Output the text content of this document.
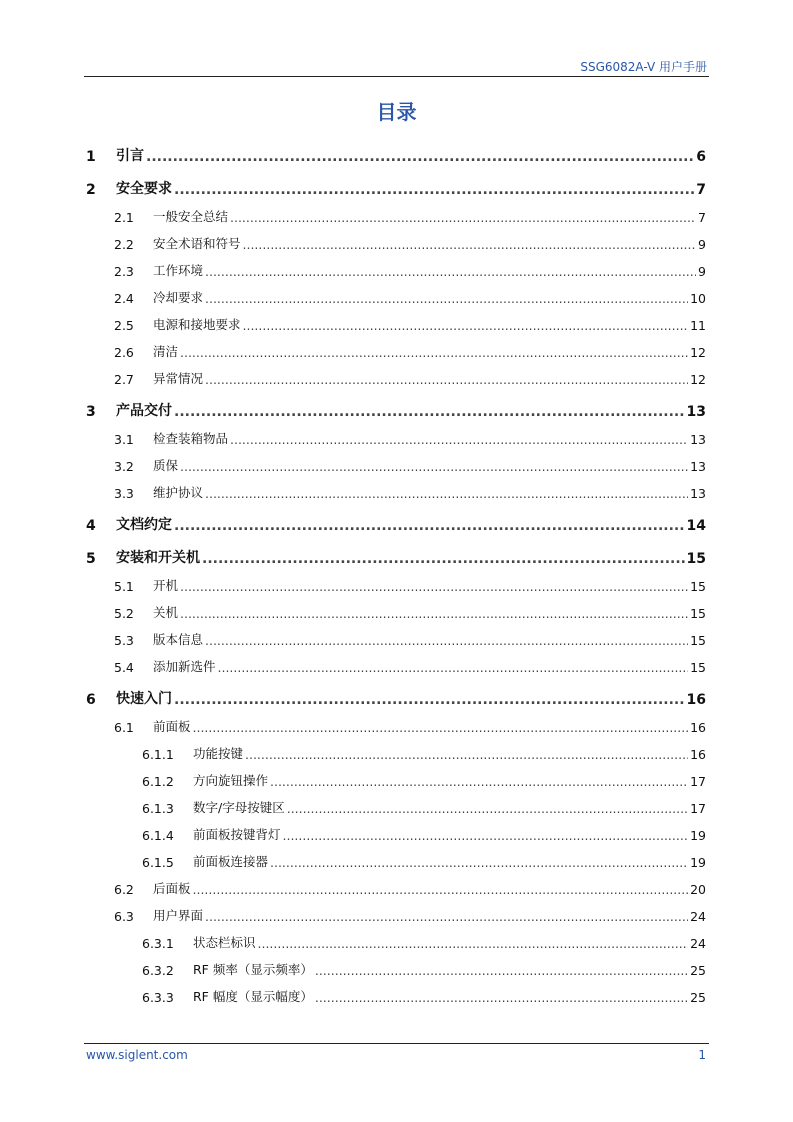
SSG6082A-V 用户手册
目录
1	引言 .....	6
2	安全要求 .....	7
2.1	一般安全总结 .....	7
2.2	安全术语和符号 .....	9
2.3	工作环境 .....	9
2.4	冷却要求 .....	10
2.5	电源和接地要求 .....	11
2.6	清洁 .....	12
2.7	异常情况 .....	12
3	产品交付 .....	13
3.1	检查装箱物品 .....	13
3.2	质保 .....	13
3.3	维护协议 .....	13
4	文档约定 .....	14
5	安装和开关机 .....	15
5.1	开机 .....	15
5.2	关机 .....	15
5.3	版本信息 .....	15
5.4	添加新选件 .....	15
6	快速入门 .....	16
6.1	前面板 .....	16
6.1.1	功能按键 .....	16
6.1.2	方向旋钮操作 .....	17
6.1.3	数字/字母按键区 .....	17
6.1.4	前面板按键背灯 .....	19
6.1.5	前面板连接器 .....	19
6.2	后面板 .....	20
6.3	用户界面 .....	24
6.3.1	状态栏标识 .....	24
6.3.2	RF 频率（显示频率） .....	25
6.3.3	RF 幅度（显示幅度） .....	25
www.siglent.com	1
